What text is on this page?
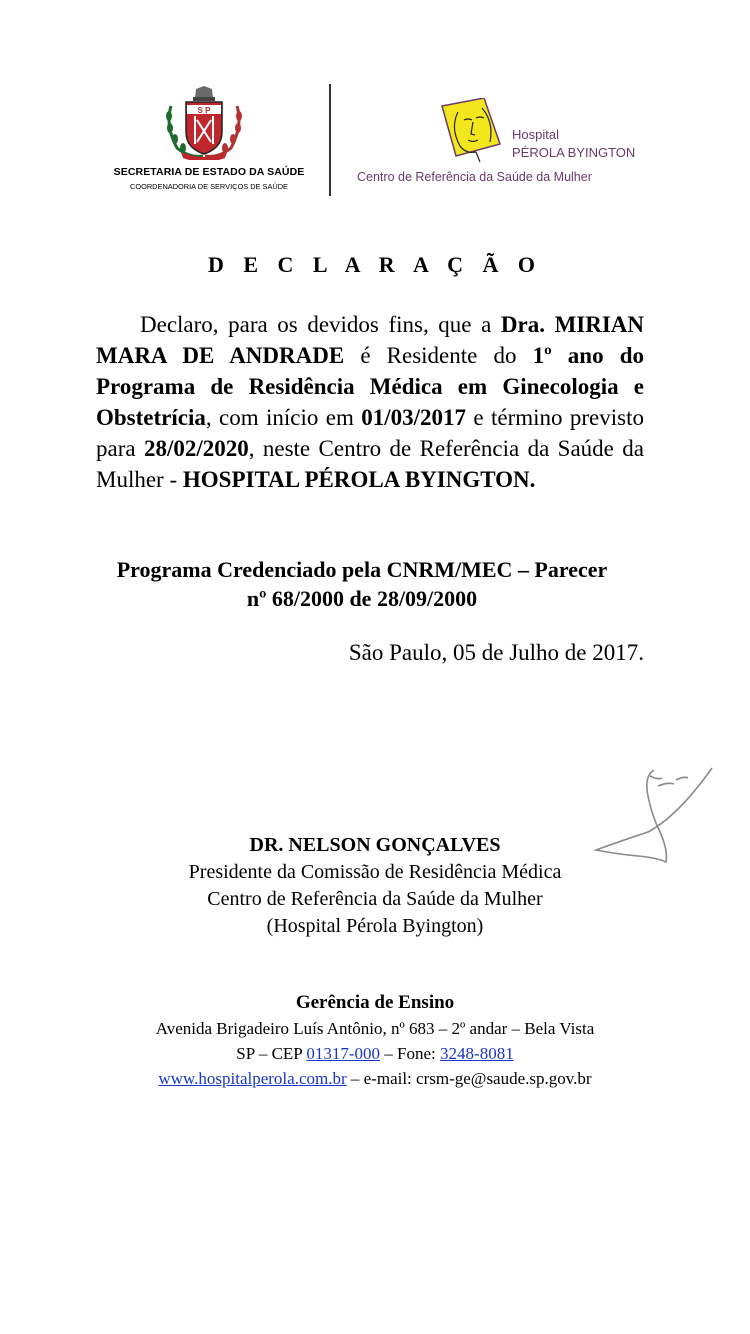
S P
SECRETARIA DE ESTADO DA SAÚDE
COORDENADORIA DE SERVIÇOS DE SAÚDE
Hospital
PÉROLA BYINGTON
Centro de Referência da Saúde da Mulher
D E C L A R A Ç Ã O
Declaro, para os devidos fins, que a Dra. MIRIAN MARA DE ANDRADE é Residente do 1º ano do Programa de Residência Médica em Ginecologia e Obstetrícia, com início em 01/03/2017 e término previsto para 28/02/2020, neste Centro de Referência da Saúde da Mulher - HOSPITAL PÉROLA BYINGTON.
Programa Credenciado pela CNRM/MEC – Parecer
nº 68/2000 de 28/09/2000
São Paulo, 05 de Julho de 2017.
DR. NELSON GONÇALVES
Presidente da Comissão de Residência Médica
Centro de Referência da Saúde da Mulher
(Hospital Pérola Byington)
Gerência de Ensino
Avenida Brigadeiro Luís Antônio, nº 683 – 2º andar – Bela Vista
SP – CEP 01317-000 – Fone: 3248-8081
www.hospitalperola.com.br – e-mail: crsm-ge@saude.sp.gov.br
